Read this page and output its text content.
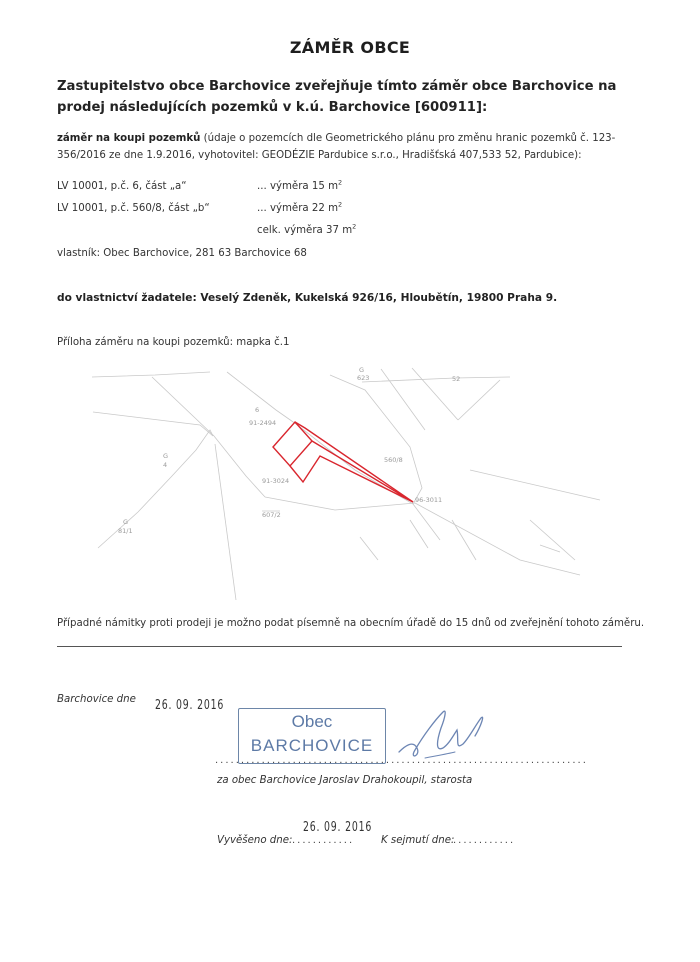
ZÁMĚR OBCE
Zastupitelstvo obce Barchovice zveřejňuje tímto záměr obce Barchovice na prodej následujících pozemků v k.ú. Barchovice [600911]:
záměr na koupi pozemků (údaje o pozemcích dle Geometrického plánu pro změnu hranic pozemků č. 123-356/2016 ze dne 1.9.2016, vyhotovitel: GEODÉZIE Pardubice s.r.o., Hradišťská 407,533 52, Pardubice):
LV 10001, p.č. 6, část „a“	... výměra 15 $m^2$
LV 10001, p.č. 560/8, část „b“	... výměra 22 $m^2$
celk. výměra 37 $m^2$
vlastník: Obec Barchovice, 281 63 Barchovice 68
do vlastnictví žadatele: Veselý Zdeněk, Kukelská 926/16, Hloubětín, 19800 Praha 9.
Příloha záměru na koupi pozemků: mapka č.1
623
G
52
6
91-2494
4
G	560/8
91-3024
96-3011
607/2
81/1
G
Případné námitky proti prodeji je možno podat písemně na obecním úřadě do 15 dnů od zveřejnění tohoto záměru.
Barchovice dne 26. 09. 2016
Obec
BARCHOVICE
........................................................................
za obec Barchovice Jaroslav Drahokoupil, starosta
26. 09. 2016
Vyvěšeno dne: ............	K sejmutí dne:
............
